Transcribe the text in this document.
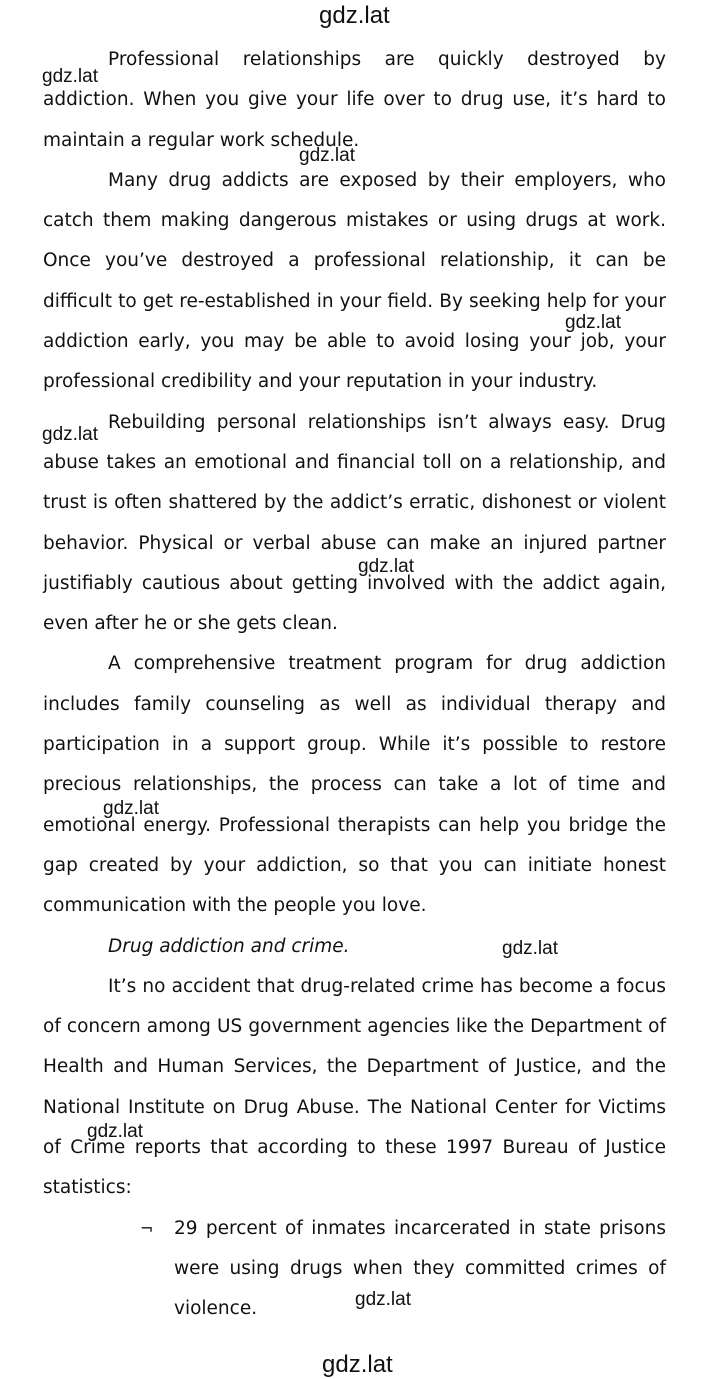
Professional relationships are quickly destroyed by addiction. When you give your life over to drug use, it’s hard to maintain a regular work schedule.

Many drug addicts are exposed by their employers, who catch them making dangerous mistakes or using drugs at work. Once you’ve destroyed a professional relationship, it can be difficult to get re-established in your field. By seeking help for your addiction early, you may be able to avoid losing your job, your professional credibility and your reputation in your industry.

Rebuilding personal relationships isn’t always easy. Drug abuse takes an emotional and financial toll on a relationship, and trust is often shattered by the addict’s erratic, dishonest or violent behavior. Physical or verbal abuse can make an injured partner justifiably cautious about getting involved with the addict again, even after he or she gets clean.

A comprehensive treatment program for drug addiction includes family counseling as well as individual therapy and participation in a support group. While it’s possible to restore precious relationships, the process can take a lot of time and emotional energy. Professional therapists can help you bridge the gap created by your addiction, so that you can initiate honest communication with the people you love.

Drug addiction and crime.

It’s no accident that drug-related crime has become a focus of concern among US government agencies like the Department of Health and Human Services, the Department of Justice, and the National Institute on Drug Abuse. The National Center for Victims of Crime reports that according to these 1997 Bureau of Justice statistics:

¬ 29 percent of inmates incarcerated in state prisons were using drugs when they committed crimes of violence.
gdz.lat
gdz.lat
gdz.lat
gdz.lat
gdz.lat
gdz.lat
gdz.lat
gdz.lat
gdz.lat
gdz.lat
gdz.lat
